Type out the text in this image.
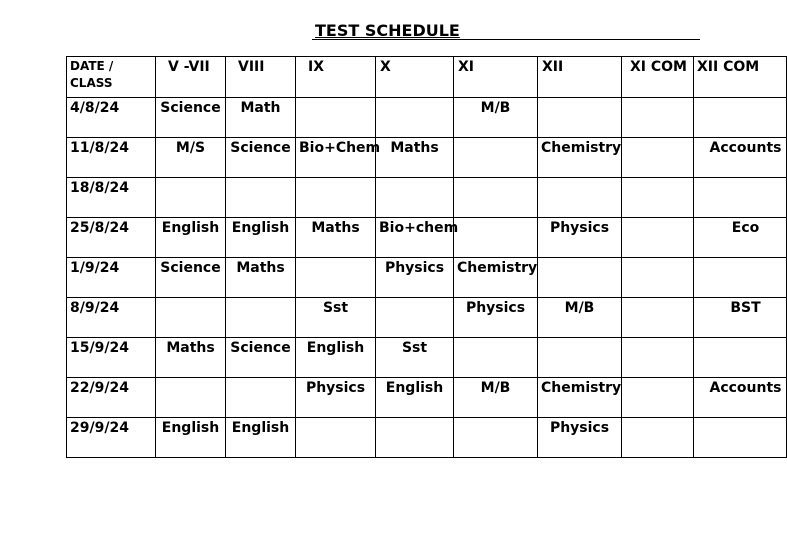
TEST SCHEDULE
DATE / CLASS	V -VII	VIII	IX	X	XI	XII	XI COM	XII COM
4/8/24	Science	Math			M/B			
11/8/24	M/S	Science	Bio+Chem	Maths		Chemistry		Accounts
18/8/24								
25/8/24	English	English	Maths	Bio+chem		Physics		Eco
1/9/24	Science	Maths		Physics	Chemistry			
8/9/24			Sst		Physics	M/B		BST
15/9/24	Maths	Science	English	Sst				
22/9/24			Physics	English	M/B	Chemistry		Accounts
29/9/24	English	English				Physics		
